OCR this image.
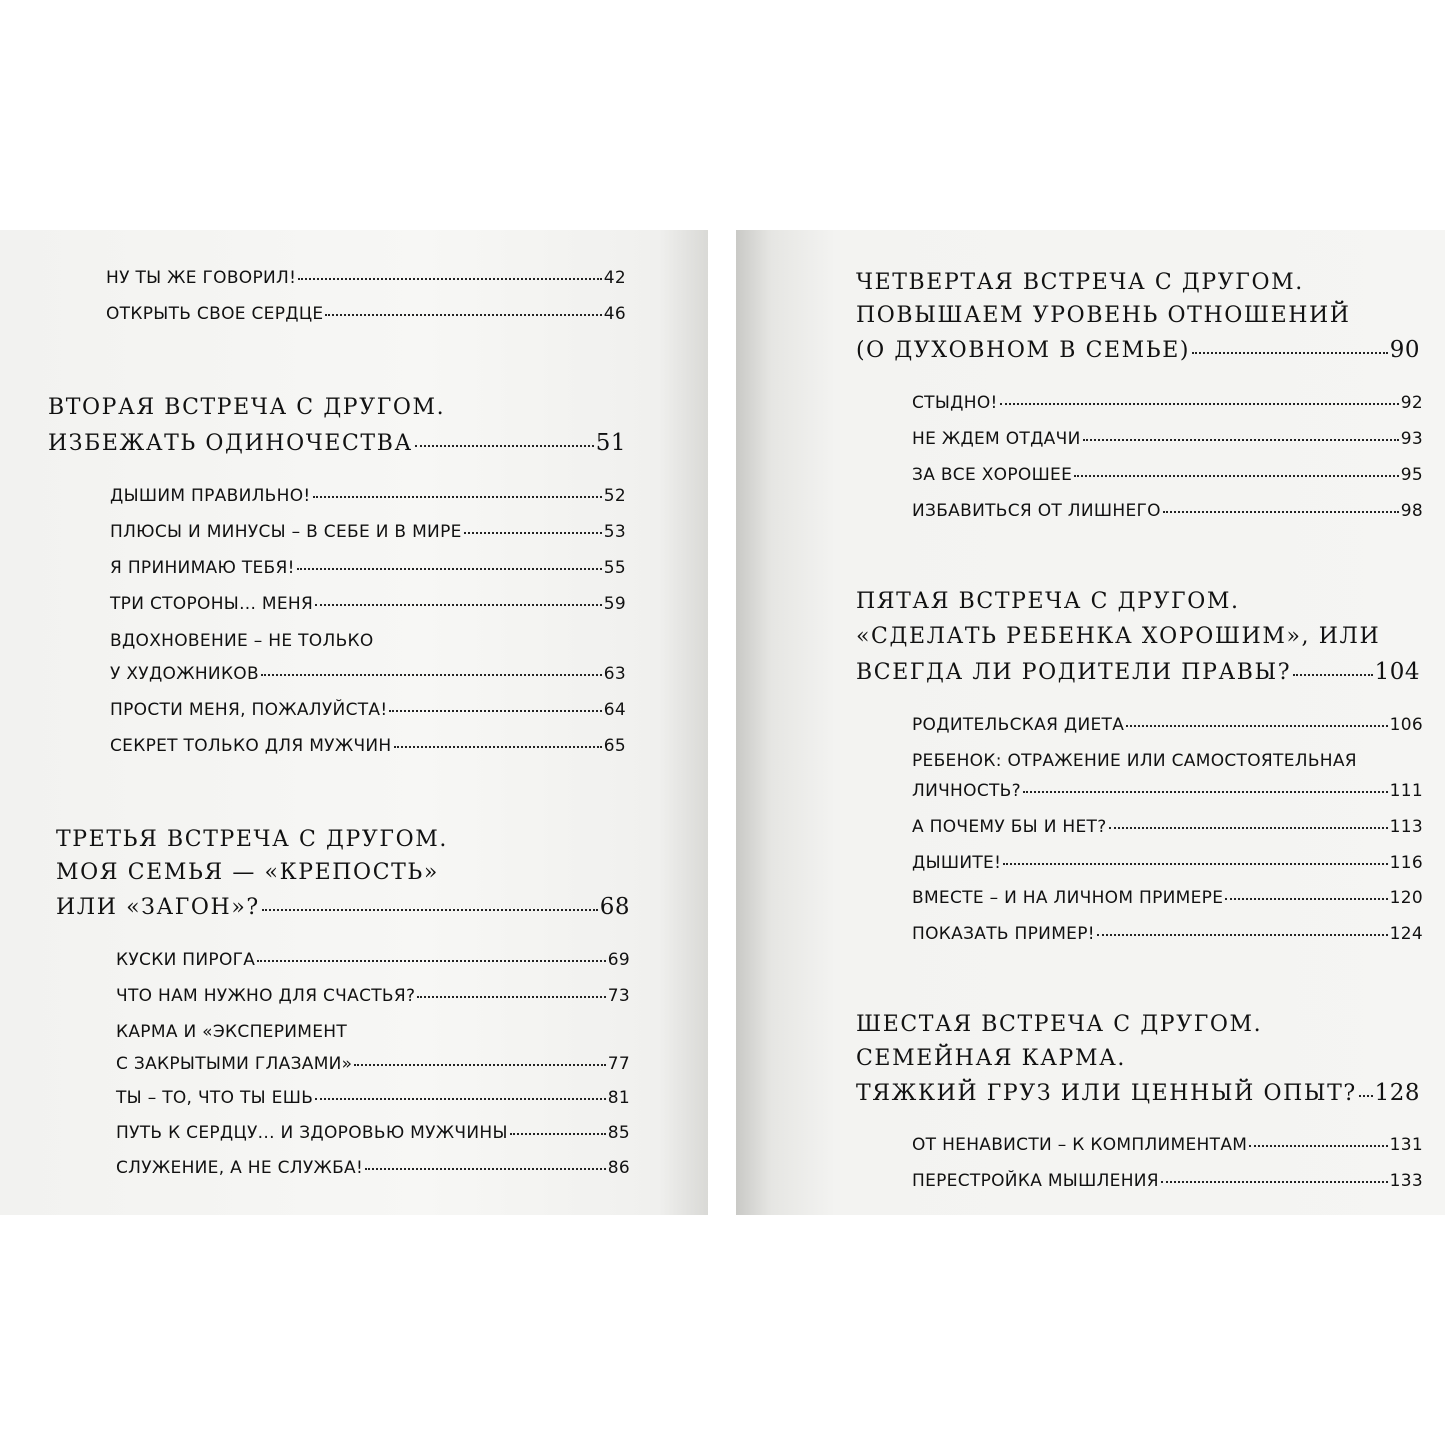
НУ ТЫ ЖЕ ГОВОРИЛ!	42
ОТКРЫТЬ СВОЕ СЕРДЦЕ	46
ВТОРАЯ ВСТРЕЧА С ДРУГОМ.
ИЗБЕЖАТЬ ОДИНОЧЕСТВА	51
ДЫШИМ ПРАВИЛЬНО!	52
ПЛЮСЫ И МИНУСЫ – В СЕБЕ И В МИРЕ	53
Я ПРИНИМАЮ ТЕБЯ!	55
ТРИ СТОРОНЫ... МЕНЯ	59
ВДОХНОВЕНИЕ – НЕ ТОЛЬКО
У ХУДОЖНИКОВ	63
ПРОСТИ МЕНЯ, ПОЖАЛУЙСТА!	64
СЕКРЕТ ТОЛЬКО ДЛЯ МУЖЧИН	65
ТРЕТЬЯ ВСТРЕЧА С ДРУГОМ.
МОЯ СЕМЬЯ — «КРЕПОСТЬ»
ИЛИ «ЗАГОН»?	68
КУСКИ ПИРОГА	69
ЧТО НАМ НУЖНО ДЛЯ СЧАСТЬЯ?	73
КАРМА И «ЭКСПЕРИМЕНТ
С ЗАКРЫТЫМИ ГЛАЗАМИ»	77
ТЫ – ТО, ЧТО ТЫ ЕШЬ	81
ПУТЬ К СЕРДЦУ... И ЗДОРОВЬЮ МУЖЧИНЫ	85
СЛУЖЕНИЕ, А НЕ СЛУЖБА!	86
ЧЕТВЕРТАЯ ВСТРЕЧА С ДРУГОМ.
ПОВЫШАЕМ УРОВЕНЬ ОТНОШЕНИЙ
(О ДУХОВНОМ В СЕМЬЕ)	90
СТЫДНО!	92
НЕ ЖДЕМ ОТДАЧИ	93
ЗА ВСЕ ХОРОШЕЕ	95
ИЗБАВИТЬСЯ ОТ ЛИШНЕГО	98
ПЯТАЯ ВСТРЕЧА С ДРУГОМ.
«СДЕЛАТЬ РЕБЕНКА ХОРОШИМ», ИЛИ
ВСЕГДА ЛИ РОДИТЕЛИ ПРАВЫ?	104
РОДИТЕЛЬСКАЯ ДИЕТА	106
РЕБЕНОК: ОТРАЖЕНИЕ ИЛИ САМОСТОЯТЕЛЬНАЯ
ЛИЧНОСТЬ?	111
А ПОЧЕМУ БЫ И НЕТ?	113
ДЫШИТЕ!	116
ВМЕСТЕ – И НА ЛИЧНОМ ПРИМЕРЕ	120
ПОКАЗАТЬ ПРИМЕР!	124
ШЕСТАЯ ВСТРЕЧА С ДРУГОМ.
СЕМЕЙНАЯ КАРМА.
ТЯЖКИЙ ГРУЗ ИЛИ ЦЕННЫЙ ОПЫТ? 128
ОТ НЕНАВИСТИ – К КОМПЛИМЕНТАМ	131
ПЕРЕСТРОЙКА МЫШЛЕНИЯ	133
